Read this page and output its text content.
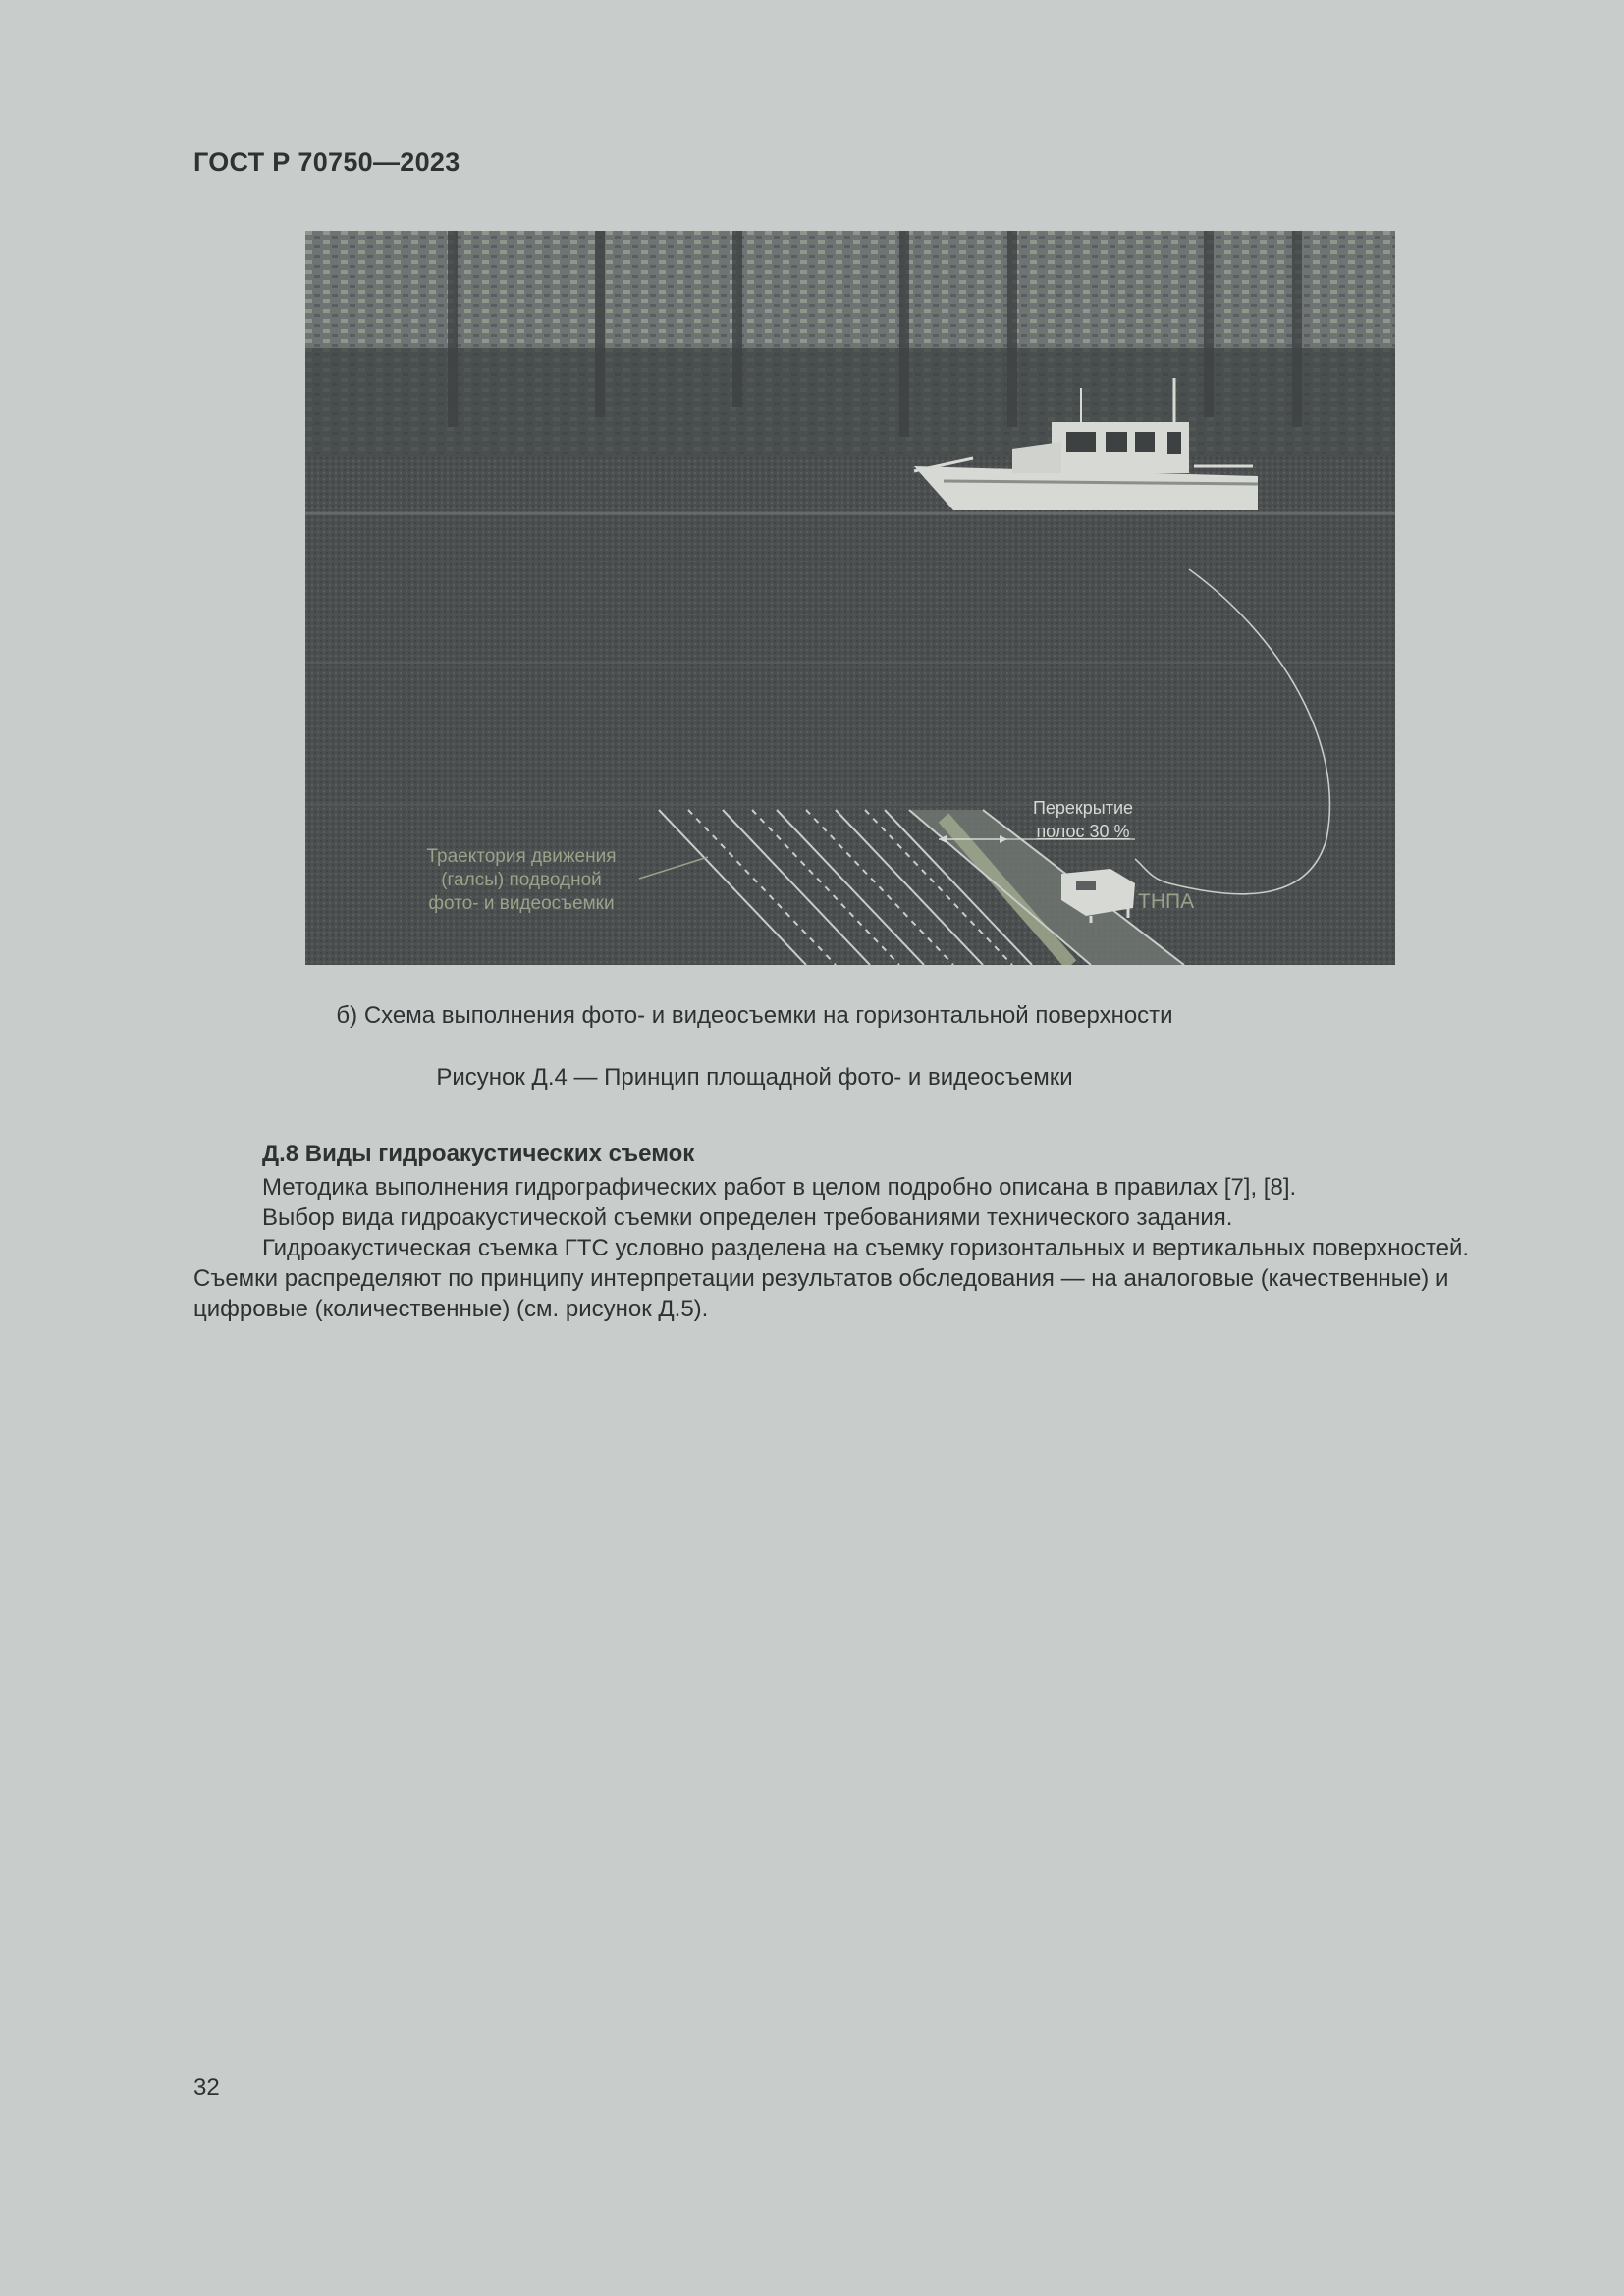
ГОСТ Р 70750—2023
Траектория движения
(галсы) подводной
фото- и видеосъемки
Перекрытие
полос 30 %
ТНПА
б) Схема выполнения фото- и видеосъемки на горизонтальной поверхности
Рисунок Д.4 — Принцип площадной фото- и видеосъемки
Д.8 Виды гидроакустических съемок

Методика выполнения гидрографических работ в целом подробно описана в правилах [7], [8].

Выбор вида гидроакустической съемки определен требованиями технического задания.

Гидроакустическая съемка ГТС условно разделена на съемку горизонтальных и вертикальных поверхностей. Съемки распределяют по принципу интерпретации результатов обследования — на аналоговые (качественные) и цифровые (количественные) (см. рисунок Д.5).

32
